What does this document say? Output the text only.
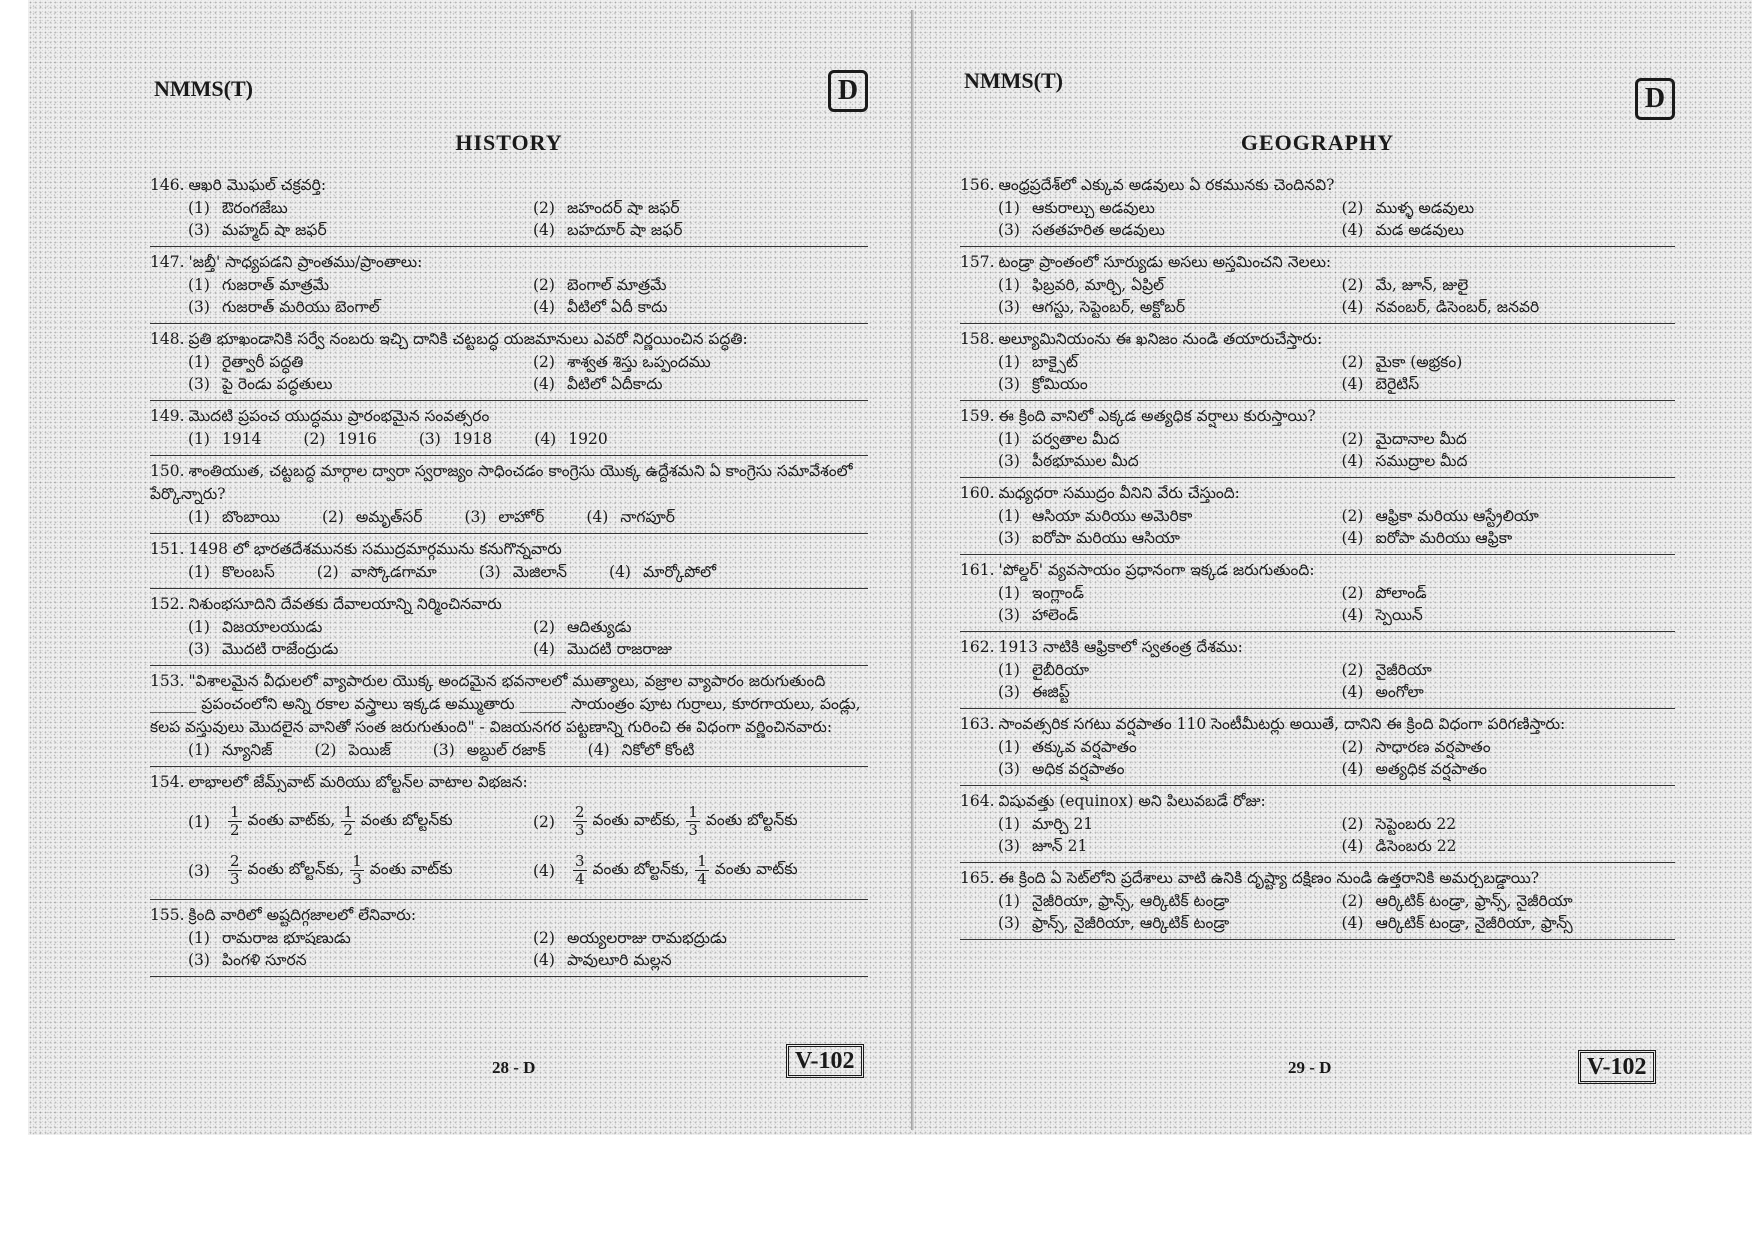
NMMS(T)	D
HISTORY
146. ఆఖరి మొఘల్ చక్రవర్తి:
(1) ఔరంగజేబు	(2) జహందర్ షా జఫర్
(3) మహ్మద్ షా జఫర్	(4) బహదూర్ షా జఫర్
147. 'జబ్తీ' సాధ్యపడని ప్రాంతము/ప్రాంతాలు:
(1) గుజరాత్ మాత్రమే	(2) బెంగాల్ మాత్రమే
(3) గుజరాత్ మరియు బెంగాల్	(4) వీటిలో ఏదీ కాదు
148. ప్రతి భూఖండానికి సర్వే నంబరు ఇచ్చి దానికి చట్టబద్ధ యజమానులు ఎవరో నిర్ణయించిన పద్ధతి:
(1) రైత్వారీ పద్ధతి	(2) శాశ్వత శిస్తు ఒప్పందము
(3) పై రెండు పద్ధతులు	(4) వీటిలో ఏదీకాదు
149. మొదటి ప్రపంచ యుద్ధము ప్రారంభమైన సంవత్సరం
(1) 1914	(2) 1916	(3) 1918	(4) 1920
150. శాంతియుత, చట్టబద్ధ మార్గాల ద్వారా స్వరాజ్యం సాధించడం కాంగ్రెసు యొక్క ఉద్దేశమని ఏ కాంగ్రెసు సమావేశంలో పేర్కొన్నారు?
(1) బొంబాయి	(2) అమృత్‌సర్	(3) లాహోర్	(4) నాగపూర్
151. 1498 లో భారతదేశమునకు సముద్రమార్గమును కనుగొన్నవారు
(1) కొలంబస్	(2) వాస్కోడగామా	(3) మెజిలాన్	(4) మార్కోపోలో
152. నిశుంభసూదిని దేవతకు దేవాలయాన్ని నిర్మించినవారు
(1) విజయాలయుడు	(2) ఆదిత్యుడు
(3) మొదటి రాజేంద్రుడు	(4) మొదటి రాజరాజు
153. "విశాలమైన వీధులలో వ్యాపారుల యొక్క అందమైన భవనాలలో ముత్యాలు, వజ్రాల వ్యాపారం జరుగుతుంది ______ ప్రపంచంలోని అన్ని రకాల వస్త్రాలు ఇక్కడ అమ్ముతారు ______ సాయంత్రం పూట గుర్రాలు, కూరగాయలు, పండ్లు, కలప వస్తువులు మొదలైన వానితో సంత జరుగుతుంది" - విజయనగర పట్టణాన్ని గురించి ఈ విధంగా వర్ణించినవారు:
(1) న్యూనిజ్	(2) పెయిజ్	(3) అబ్దుల్ రజాక్	(4) నికోలో కోంటి
154. లాభాలలో జేమ్స్‌వాట్ మరియు బోల్టన్‌ల వాటాల విభజన:
$(1) \frac{1}{2}$ వంతు వాట్‌కు, $\frac{1}{2}$ వంతు బోల్టన్‌కు	$(2) \frac{2}{3}$ వంతు వాట్‌కు, $\frac{1}{3}$ వంతు బోల్టన్‌కు
$(3) \frac{2}{3}$ వంతు బోల్టన్‌కు, $\frac{1}{3}$ వంతు వాట్‌కు	$(4) \frac{3}{4}$ వంతు బోల్టన్‌కు, $\frac{1}{4}$ వంతు వాట్‌కు
155. క్రింది వారిలో అష్టదిగ్గజాలలో లేనివారు:
(1) రామరాజ భూషణుడు	(2) అయ్యలరాజు రామభద్రుడు
(3) పింగళి సూరన	(4) పావులూరి మల్లన
28 - D	V-102
NMMS(T)
D
GEOGRAPHY
156. ఆంధ్రప్రదేశ్‌లో ఎక్కువ అడవులు ఏ రకమునకు చెందినవి?
(1) ఆకురాల్చు అడవులు	(2) ముళ్ళ అడవులు
(3) సతతహరిత అడవులు	(4) మడ అడవులు
157. టండ్రా ప్రాంతంలో సూర్యుడు అసలు అస్తమించని నెలలు:
(1) ఫిబ్రవరి, మార్చి, ఏప్రిల్	(2) మే, జూన్, జులై
(3) ఆగస్టు, సెప్టెంబర్, అక్టోబర్	(4) నవంబర్, డిసెంబర్, జనవరి
158. అల్యూమినియంను ఈ ఖనిజం నుండి తయారుచేస్తారు:
(1) బాక్సైట్	(2) మైకా (అభ్రకం)
(3) క్రోమియం	(4) బెరైటిస్
159. ఈ క్రింది వానిలో ఎక్కడ అత్యధిక వర్షాలు కురుస్తాయి?
(1) పర్వతాల మీద	(2) మైదానాల మీద
(3) పీఠభూముల మీద	(4) సముద్రాల మీద
160. మధ్యధరా సముద్రం వీనిని వేరు చేస్తుంది:
(1) ఆసియా మరియు అమెరికా	(2) ఆఫ్రికా మరియు ఆస్ట్రేలియా
(3) ఐరోపా మరియు ఆసియా	(4) ఐరోపా మరియు ఆఫ్రికా
161. 'పోల్డర్' వ్యవసాయం ప్రధానంగా ఇక్కడ జరుగుతుంది:
(1) ఇంగ్లాండ్	(2) పోలాండ్
(3) హాలెండ్	(4) స్పెయిన్
162. 1913 నాటికి ఆఫ్రికాలో స్వతంత్ర దేశము:
(1) లైబీరియా	(2) నైజీరియా
(3) ఈజిప్ట్	(4) అంగోలా
163. సాంవత్సరిక సగటు వర్షపాతం 110 సెంటీమీటర్లు అయితే, దానిని ఈ క్రింది విధంగా పరిగణిస్తారు:
(1) తక్కువ వర్షపాతం	(2) సాధారణ వర్షపాతం
(3) అధిక వర్షపాతం	(4) అత్యధిక వర్షపాతం
164. విషువత్తు (equinox) అని పిలువబడే రోజు:
(1) మార్చి 21	(2) సెప్టెంబరు 22
(3) జూన్ 21	(4) డిసెంబరు 22
165. ఈ క్రింది ఏ సెట్‌లోని ప్రదేశాలు వాటి ఉనికి దృష్ట్యా దక్షిణం నుండి ఉత్తరానికి అమర్చబడ్డాయి?
(1) నైజీరియా, ఫ్రాన్స్, ఆర్కిటిక్ టండ్రా	(2) ఆర్కిటిక్ టండ్రా, ఫ్రాన్స్, నైజీరియా
(3) ఫ్రాన్స్, నైజీరియా, ఆర్కిటిక్ టండ్రా	(4) ఆర్కిటిక్ టండ్రా, నైజీరియా, ఫ్రాన్స్
29 - D	V-102
